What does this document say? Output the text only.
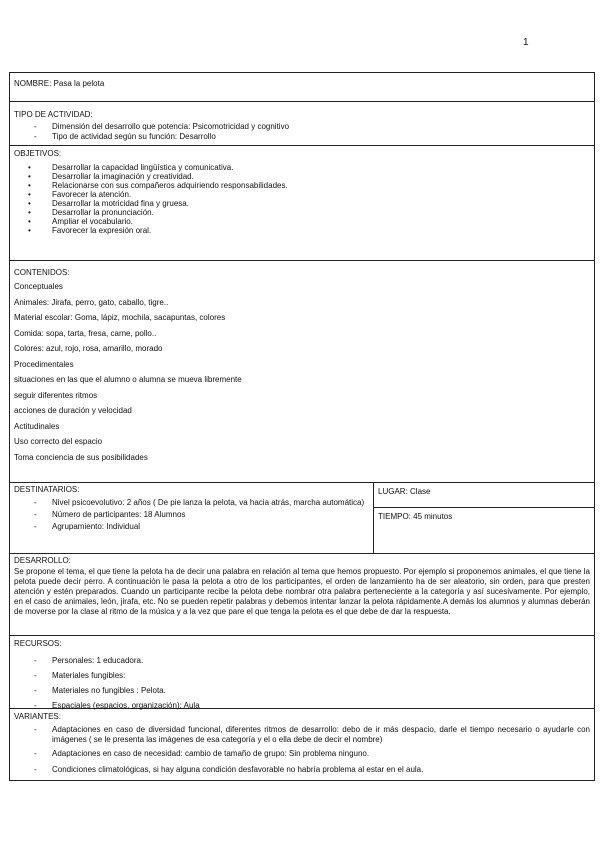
1
NOMBRE: Pasa la pelota
TIPO DE ACTIVIDAD:
- Dimensión del desarrollo que potencia: Psicomotricidad y cognitivo
- Tipo de actividad según su función: Desarrollo
OBJETIVOS:
• Desarrollar la capacidad lingüística y comunicativa.
• Desarrollar la imaginación y creatividad.
• Relacionarse con sus compañeros adquiriendo responsabilidades.
• Favorecer la atención.
• Desarrollar la motricidad fina y gruesa.
• Desarrollar la pronunciación.
• Ampliar el vocabulario.
• Favorecer la expresión oral.
CONTENIDOS:
Conceptuales
Animales: Jirafa, perro, gato, caballo, tigre..
Material escolar: Goma, lápiz, mochila, sacapuntas, colores
Comida: sopa, tarta, fresa, carne, pollo..
Colores: azul, rojo, rosa, amarillo, morado
Procedimentales
situaciones en las que el alumno o alumna se mueva libremente
seguir diferentes ritmos
acciones de duración y velocidad
Actitudinales
Uso correcto del espacio
Toma conciencia de sus posibilidades
DESTINATARIOS:
- Nivel psicoevolutivo: 2 años ( De pie lanza la pelota, va hacia atrás, marcha automática)
- Número de participantes: 18 Alumnos
- Agrupamiento: Individual
LUGAR: Clase
TIEMPO: 45 minutos
DESARROLLO:
Se propone el tema, el que tiene la pelota ha de decir una palabra en relación al tema que hemos propuesto. Por ejemplo si proponemos animales, el que tiene la pelota puede decir perro. A continuación le pasa la pelota a otro de los participantes, el orden de lanzamiento ha de ser aleatorio, sin orden, para que presten atención y estén preparados. Cuando un participante recibe la pelota debe nombrar otra palabra perteneciente a la categoría y así sucesivamente. Por ejemplo, en el caso de animales, león, jirafa, etc. No se pueden repetir palabras y debemos intentar lanzar la pelota rápidamente.A demás los alumnos y alumnas deberán de moverse por la clase al ritmo de la música y a la vez que pare el que tenga la pelota es el que debe de dar la respuesta.
RECURSOS:
- Personales: 1 educadora.
- Materiales fungibles:
- Materiales no fungibles : Pelota.
- Espaciales (espacios, organización): Aula
VARIANTES:
- Adaptaciones en caso de diversidad funcional, diferentes ritmos de desarrollo: debo de ir más despacio, darle el tiempo necesario o ayudarle con imágenes ( se le presenta las imágenes de esa categoría y el o ella debe de decir el nombre)
- Adaptaciones en caso de necesidad: cambio de tamaño de grupo: Sin problema ninguno.
- Condiciones climatológicas, si hay alguna condición desfavorable no habría problema al estar en el aula.
